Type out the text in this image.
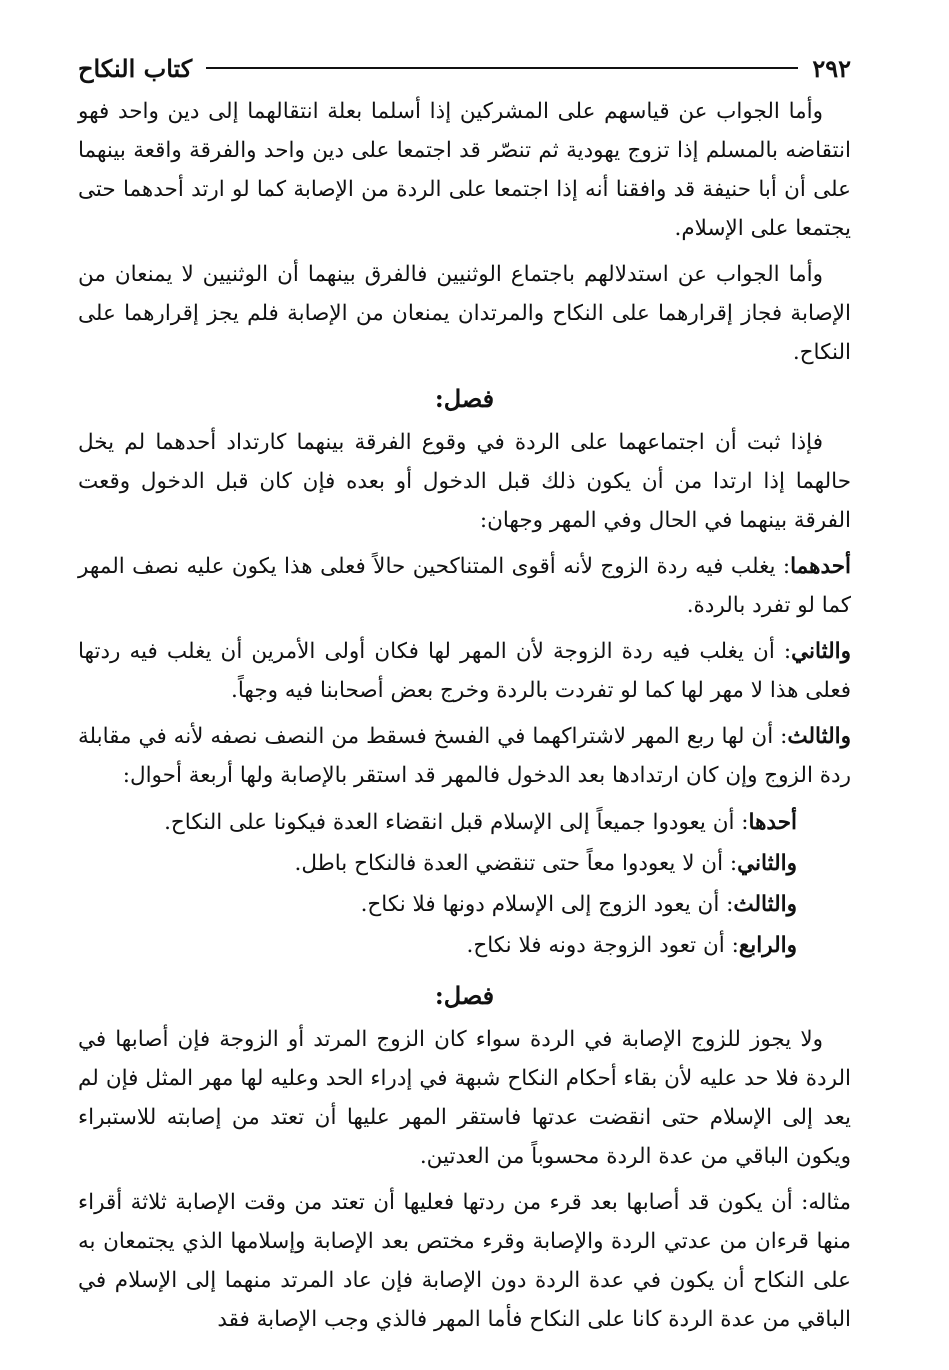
٢٩٢
كتاب النكاح

وأما الجواب عن قياسهم على المشركين إذا أسلما بعلة انتقالهما إلى دين واحد فهو انتقاضه بالمسلم إذا تزوج يهودية ثم تنصّر قد اجتمعا على دين واحد والفرقة واقعة بينهما على أن أبا حنيفة قد وافقنا أنه إذا اجتمعا على الردة من الإصابة كما لو ارتد أحدهما حتى يجتمعا على الإسلام.

وأما الجواب عن استدلالهم باجتماع الوثنيين فالفرق بينهما أن الوثنيين لا يمنعان من الإصابة فجاز إقرارهما على النكاح والمرتدان يمنعان من الإصابة فلم يجز إقرارهما على النكاح.

فصل:

فإذا ثبت أن اجتماعهما على الردة في وقوع الفرقة بينهما كارتداد أحدهما لم يخل حالهما إذا ارتدا من أن يكون ذلك قبل الدخول أو بعده فإن كان قبل الدخول وقعت الفرقة بينهما في الحال وفي المهر وجهان:

أحدهما: يغلب فيه ردة الزوج لأنه أقوى المتناكحين حالاً فعلى هذا يكون عليه نصف المهر كما لو تفرد بالردة.

والثاني: أن يغلب فيه ردة الزوجة لأن المهر لها فكان أولى الأمرين أن يغلب فيه ردتها فعلى هذا لا مهر لها كما لو تفردت بالردة وخرج بعض أصحابنا فيه وجهاً.

والثالث: أن لها ربع المهر لاشتراكهما في الفسخ فسقط من النصف نصفه لأنه في مقابلة ردة الزوج وإن كان ارتدادها بعد الدخول فالمهر قد استقر بالإصابة ولها أربعة أحوال:

أحدها: أن يعودوا جميعاً إلى الإسلام قبل انقضاء العدة فيكونا على النكاح.
والثاني: أن لا يعودوا معاً حتى تنقضي العدة فالنكاح باطل.
والثالث: أن يعود الزوج إلى الإسلام دونها فلا نكاح.
والرابع: أن تعود الزوجة دونه فلا نكاح.
فصل:

ولا يجوز للزوج الإصابة في الردة سواء كان الزوج المرتد أو الزوجة فإن أصابها في الردة فلا حد عليه لأن بقاء أحكام النكاح شبهة في إدراء الحد وعليه لها مهر المثل فإن لم يعد إلى الإسلام حتى انقضت عدتها فاستقر المهر عليها أن تعتد من إصابته للاستبراء ويكون الباقي من عدة الردة محسوباً من العدتين.

مثاله: أن يكون قد أصابها بعد قرء من ردتها فعليها أن تعتد من وقت الإصابة ثلاثة أقراء منها قرءان من عدتي الردة والإصابة وقرء مختص بعد الإصابة وإسلامها الذي يجتمعان به على النكاح أن يكون في عدة الردة دون الإصابة فإن عاد المرتد منهما إلى الإسلام في الباقي من عدة الردة كانا على النكاح فأما المهر فالذي وجب الإصابة فقد
